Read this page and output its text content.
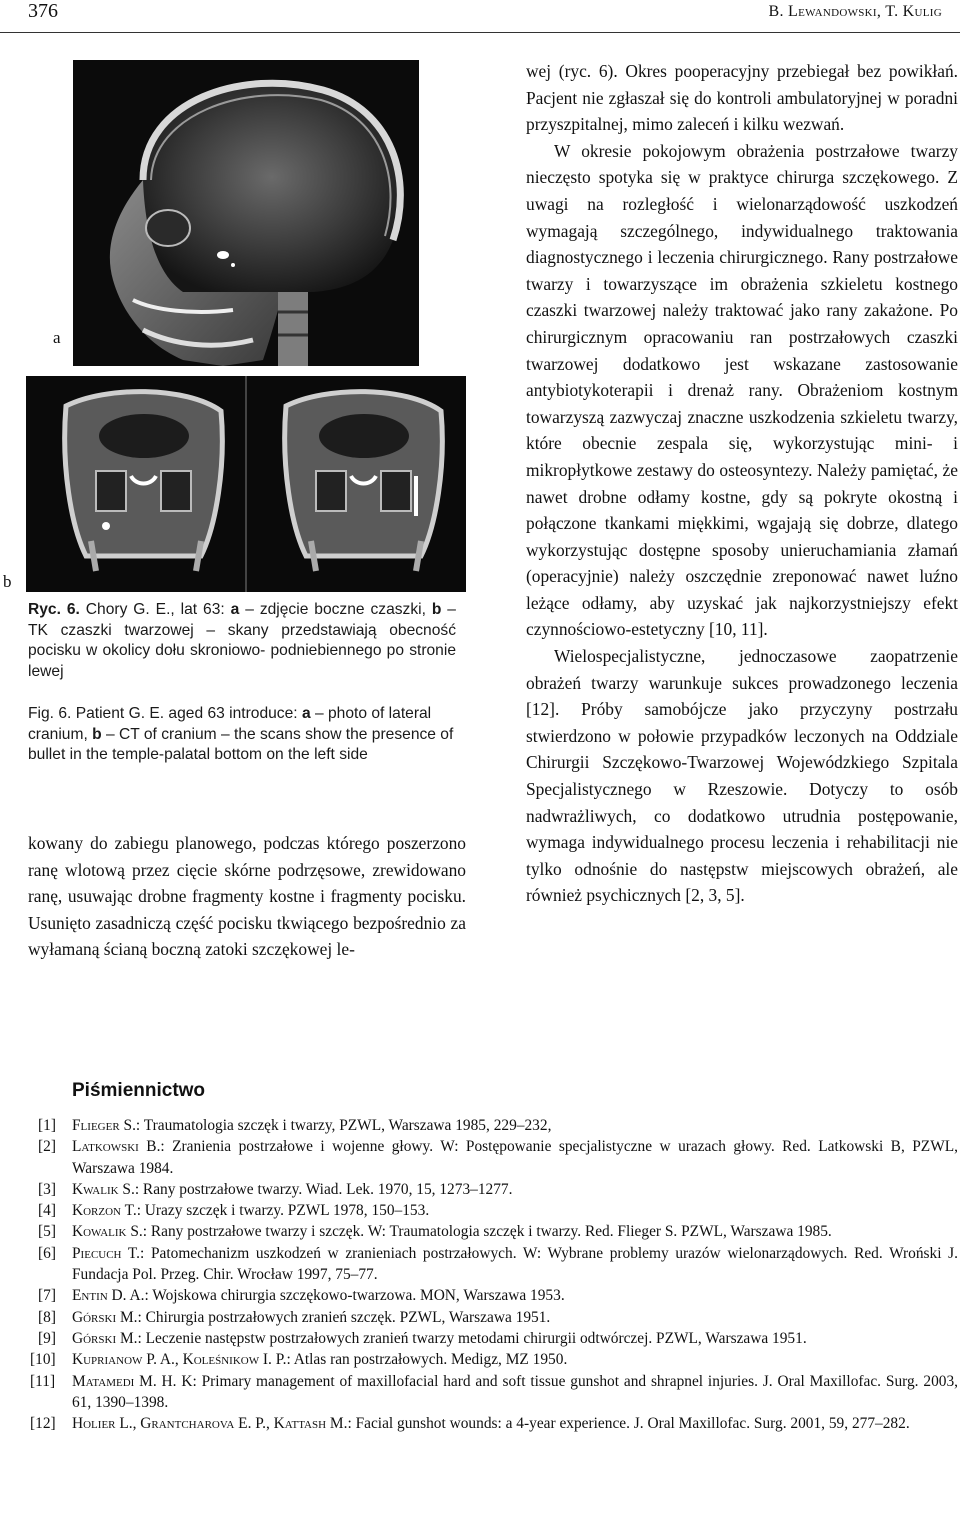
376	B. Lewandowski, T. Kulig
a
b
Ryc. 6. Chory G. E., lat 63: a – zdjęcie boczne czaszki, b – TK czaszki twarzowej – skany przedstawiają obecność pocisku w okolicy dołu skroniowo- podniebiennego po stronie lewej
Fig. 6. Patient G. E. aged 63 introduce: a – photo of lateral cranium, b – CT of cranium – the scans show the presence of bullet in the temple-palatal bottom on the left side

kowany do zabiegu planowego, podczas którego poszerzono ranę wlotową przez cięcie skórne podrzęsowe, zrewidowano ranę, usuwając drobne fragmenty kostne i fragmenty pocisku. Usunięto zasadniczą część pocisku tkwiącego bezpośrednio za wyłamaną ścianą boczną zatoki szczękowej le-

wej (ryc. 6). Okres pooperacyjny przebiegał bez powikłań. Pacjent nie zgłaszał się do kontroli ambulatoryjnej w poradni przyszpitalnej, mimo zaleceń i kilku wezwań.

W okresie pokojowym obrażenia postrzałowe twarzy nieczęsto spotyka się w praktyce chirurga szczękowego. Z uwagi na rozległość i wielonarządowość uszkodzeń wymagają szczególnego, indywidualnego traktowania diagnostycznego i leczenia chirurgicznego. Rany postrzałowe twarzy i towarzyszące im obrażenia szkieletu kostnego czaszki twarzowej należy traktować jako rany zakażone. Po chirurgicznym opracowaniu ran postrzałowych czaszki twarzowej dodatkowo jest wskazane zastosowanie antybiotykoterapii i drenaż rany. Obrażeniom kostnym towarzyszą zazwyczaj znaczne uszkodzenia szkieletu twarzy, które obecnie zespala się, wykorzystując mini- i mikropłytkowe zestawy do osteosyntezy. Należy pamiętać, że nawet drobne odłamy kostne, gdy są pokryte okostną i połączone tkankami miękkimi, wgajają się dobrze, dlatego wykorzystując dostępne sposoby unieruchamiania złamań (operacyjnie) należy oszczędnie zreponować nawet luźno leżące odłamy, aby uzyskać jak najkorzystniejszy efekt czynnościowo-estetyczny [10, 11].

Wielospecjalistyczne, jednoczasowe zaopatrzenie obrażeń twarzy warunkuje sukces prowadzonego leczenia [12]. Próby samobójcze jako przyczyny postrzału stwierdzono w połowie przypadków leczonych na Oddziale Chirurgii Szczękowo-Twarzowej Wojewódzkiego Szpitala Specjalistycznego w Rzeszowie. Dotyczy to osób nadwrażliwych, co dodatkowo utrudnia postępowanie, wymaga indywidualnego procesu leczenia i rehabilitacji nie tylko odnośnie do następstw miejscowych obrażeń, ale również psychicznych [2, 3, 5].

Piśmiennictwo
[1] Flieger S.: Traumatologia szczęk i twarzy, PZWL, Warszawa 1985, 229–232,
[2] Latkowski B.: Zranienia postrzałowe i wojenne głowy. W: Postępowanie specjalistyczne w urazach głowy. Red. Latkowski B, PZWL, Warszawa 1984.
[3] Kwalik S.: Rany postrzałowe twarzy. Wiad. Lek. 1970, 15, 1273–1277.
[4] Korzon T.: Urazy szczęk i twarzy. PZWL 1978, 150–153.
[5] Kowalik S.: Rany postrzałowe twarzy i szczęk. W: Traumatologia szczęk i twarzy. Red. Flieger S. PZWL, Warszawa 1985.
[6] Piecuch T.: Patomechanizm uszkodzeń w zranieniach postrzałowych. W: Wybrane problemy urazów wielonarządowych. Red. Wroński J. Fundacja Pol. Przeg. Chir. Wrocław 1997, 75–77.
[7] Entin D. A.: Wojskowa chirurgia szczękowo-twarzowa. MON, Warszawa 1953.
[8] Górski M.: Chirurgia postrzałowych zranień szczęk. PZWL, Warszawa 1951.
[9] Górski M.: Leczenie następstw postrzałowych zranień twarzy metodami chirurgii odtwórczej. PZWL, Warszawa 1951.
[10] Kuprianow P. A., Koleśnikow I. P.: Atlas ran postrzałowych. Medigz, MZ 1950.
[11] Matamedi M. H. K: Primary management of maxillofacial hard and soft tissue gunshot and shrapnel injuries. J. Oral Maxillofac. Surg. 2003, 61, 1390–1398.
[12] Holier L., Grantcharova E. P., Kattash M.: Facial gunshot wounds: a 4-year experience. J. Oral Maxillofac. Surg. 2001, 59, 277–282.
